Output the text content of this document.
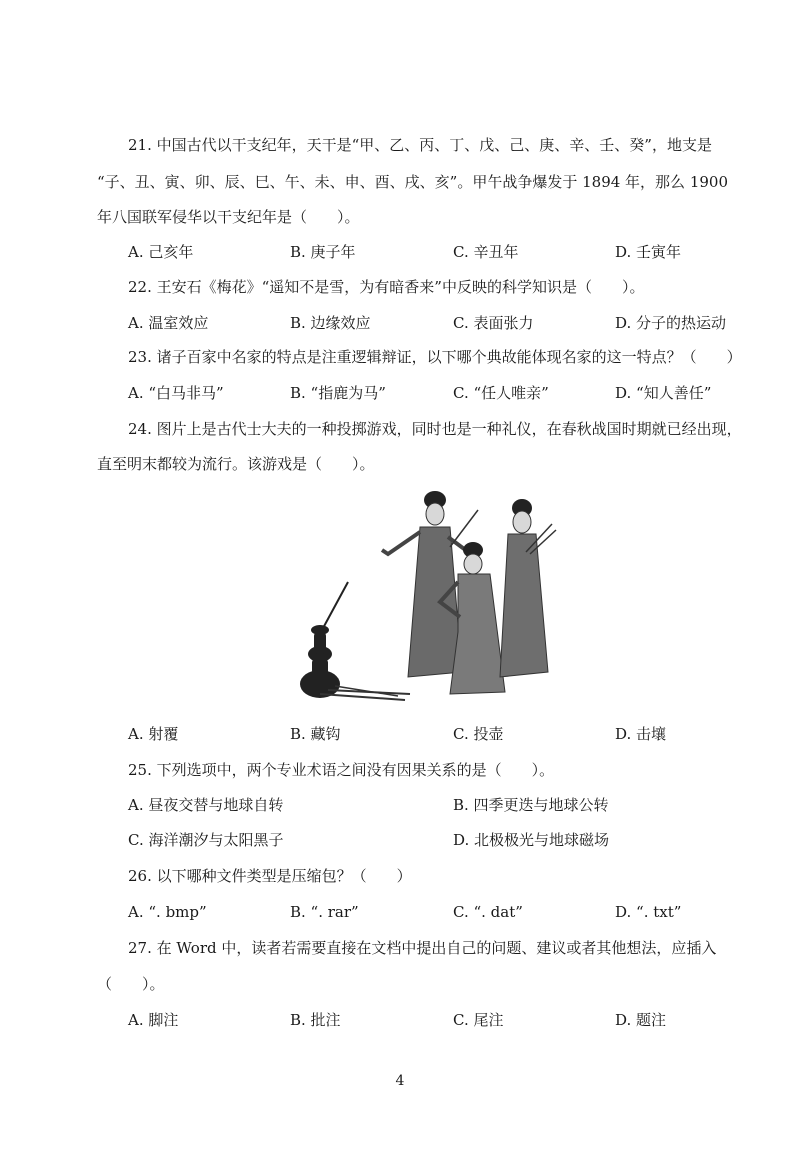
21. 中国古代以干支纪年，天干是“甲、乙、丙、丁、戊、己、庚、辛、壬、癸”，地支是
“子、丑、寅、卯、辰、巳、午、未、申、酉、戌、亥”。甲午战争爆发于 1894 年，那么 1900
年八国联军侵华以干支纪年是（　　）。
A. 己亥年	B. 庚子年	C. 辛丑年	D. 壬寅年
22. 王安石《梅花》“遥知不是雪，为有暗香来”中反映的科学知识是（　　）。
A. 温室效应	B. 边缘效应	C. 表面张力	D. 分子的热运动
23. 诸子百家中名家的特点是注重逻辑辩证，以下哪个典故能体现名家的这一特点？（　　）
A. “白马非马”	B. “指鹿为马”	C. “任人唯亲”	D. “知人善任”
24. 图片上是古代士大夫的一种投掷游戏，同时也是一种礼仪，在春秋战国时期就已经出现，
直至明末都较为流行。该游戏是（　　）。
A. 射覆	B. 藏钩	C. 投壶	D. 击壤
25. 下列选项中，两个专业术语之间没有因果关系的是（　　）。
A. 昼夜交替与地球自转	B. 四季更迭与地球公转
C. 海洋潮汐与太阳黑子	D. 北极极光与地球磁场
26. 以下哪种文件类型是压缩包？（　　）
A. “. bmp”	B. “. rar”	C. “. dat”	D. “. txt”
27. 在 Word 中，读者若需要直接在文档中提出自己的问题、建议或者其他想法，应插入
（　　）。
A. 脚注	B. 批注	C. 尾注	D. 题注
4
